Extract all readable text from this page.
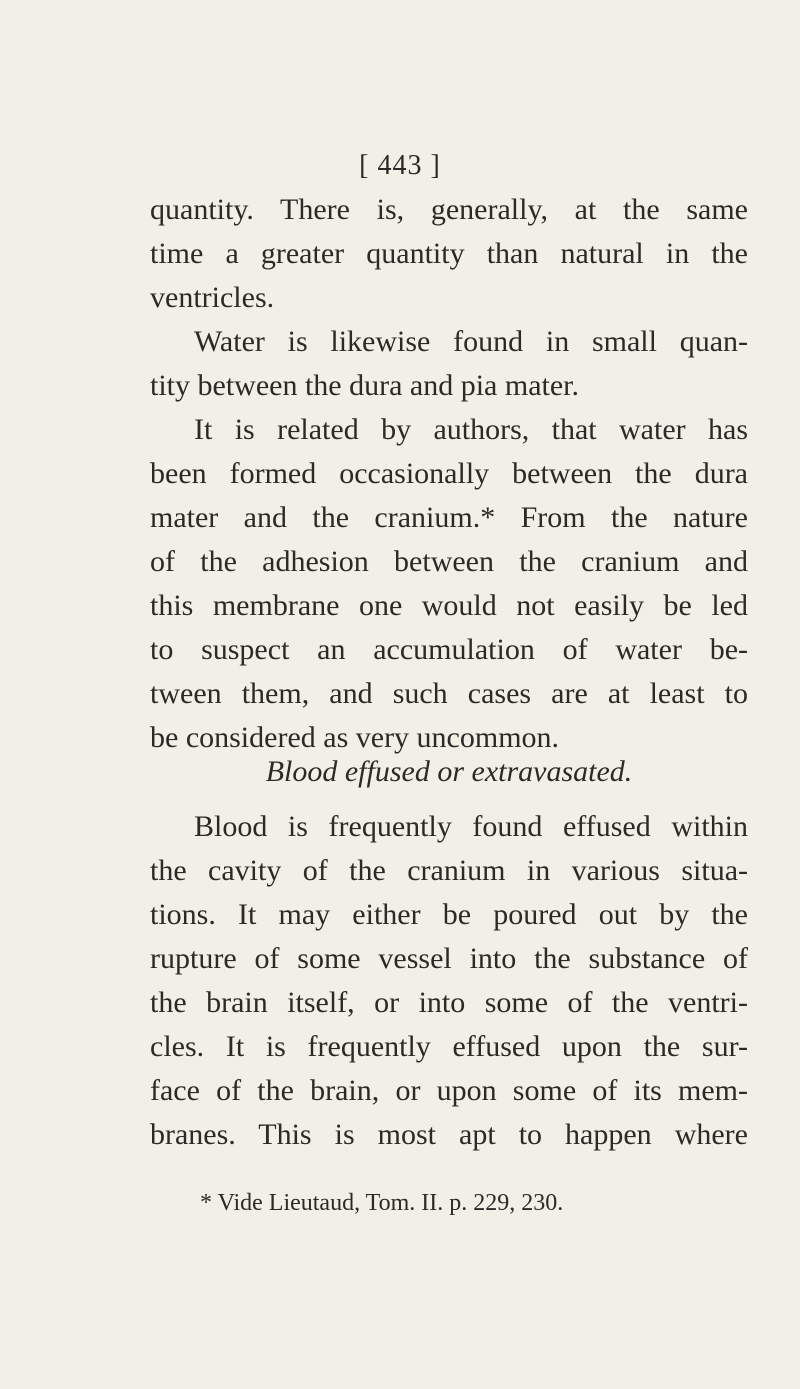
[ 443 ]
quantity. There is, generally, at the same
time a greater quantity than natural in the
ventricles.
Water is likewise found in small quan-
tity between the dura and pia mater.
It is related by authors, that water has
been formed occasionally between the dura
mater and the cranium.* From the nature
of the adhesion between the cranium and
this membrane one would not easily be led
to suspect an accumulation of water be-
tween them, and such cases are at least to
be considered as very uncommon.
Blood effused or extravasated.
Blood is frequently found effused within
the cavity of the cranium in various situa-
tions. It may either be poured out by the
rupture of some vessel into the substance of
the brain itself, or into some of the ventri-
cles. It is frequently effused upon the sur-
face of the brain, or upon some of its mem-
branes. This is most apt to happen where
* Vide Lieutaud, Tom. II. p. 229, 230.
